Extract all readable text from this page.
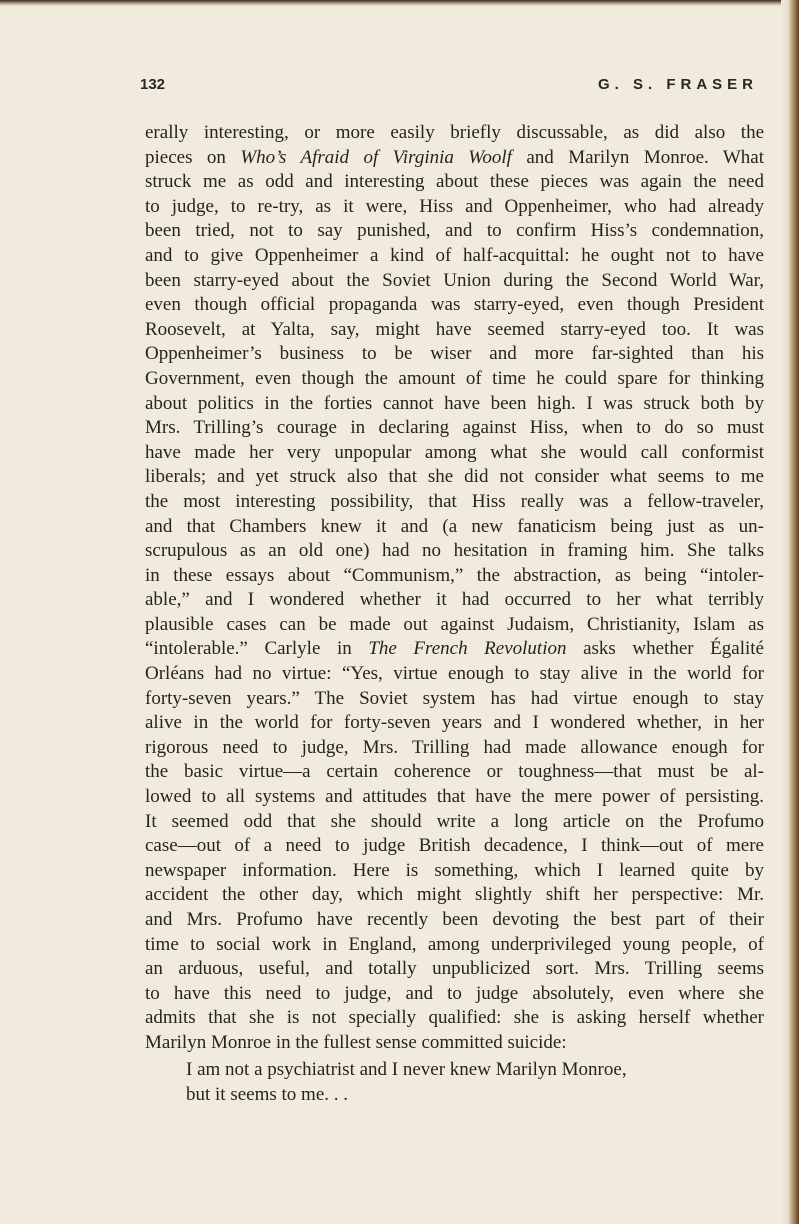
132	G. S. FRASER
erally interesting, or more easily briefly discussable, as did also the
pieces on Who’s Afraid of Virginia Woolf and Marilyn Monroe. What
struck me as odd and interesting about these pieces was again the need
to judge, to re-try, as it were, Hiss and Oppenheimer, who had already
been tried, not to say punished, and to confirm Hiss’s condemnation,
and to give Oppenheimer a kind of half-acquittal: he ought not to have
been starry-eyed about the Soviet Union during the Second World War,
even though official propaganda was starry-eyed, even though President
Roosevelt, at Yalta, say, might have seemed starry-eyed too. It was
Oppenheimer’s business to be wiser and more far-sighted than his
Government, even though the amount of time he could spare for thinking
about politics in the forties cannot have been high. I was struck both by
Mrs. Trilling’s courage in declaring against Hiss, when to do so must
have made her very unpopular among what she would call conformist
liberals; and yet struck also that she did not consider what seems to me
the most interesting possibility, that Hiss really was a fellow-traveler,
and that Chambers knew it and (a new fanaticism being just as un-
scrupulous as an old one) had no hesitation in framing him. She talks
in these essays about “Communism,” the abstraction, as being “intoler-
able,” and I wondered whether it had occurred to her what terribly
plausible cases can be made out against Judaism, Christianity, Islam as
“intolerable.” Carlyle in The French Revolution asks whether Égalité
Orléans had no virtue: “Yes, virtue enough to stay alive in the world for
forty-seven years.” The Soviet system has had virtue enough to stay
alive in the world for forty-seven years and I wondered whether, in her
rigorous need to judge, Mrs. Trilling had made allowance enough for
the basic virtue—a certain coherence or toughness—that must be al-
lowed to all systems and attitudes that have the mere power of persisting.
It seemed odd that she should write a long article on the Profumo
case—out of a need to judge British decadence, I think—out of mere
newspaper information. Here is something, which I learned quite by
accident the other day, which might slightly shift her perspective: Mr.
and Mrs. Profumo have recently been devoting the best part of their
time to social work in England, among underprivileged young people, of
an arduous, useful, and totally unpublicized sort. Mrs. Trilling seems
to have this need to judge, and to judge absolutely, even where she
admits that she is not specially qualified: she is asking herself whether
Marilyn Monroe in the fullest sense committed suicide:
I am not a psychiatrist and I never knew Marilyn Monroe,
but it seems to me. . .
